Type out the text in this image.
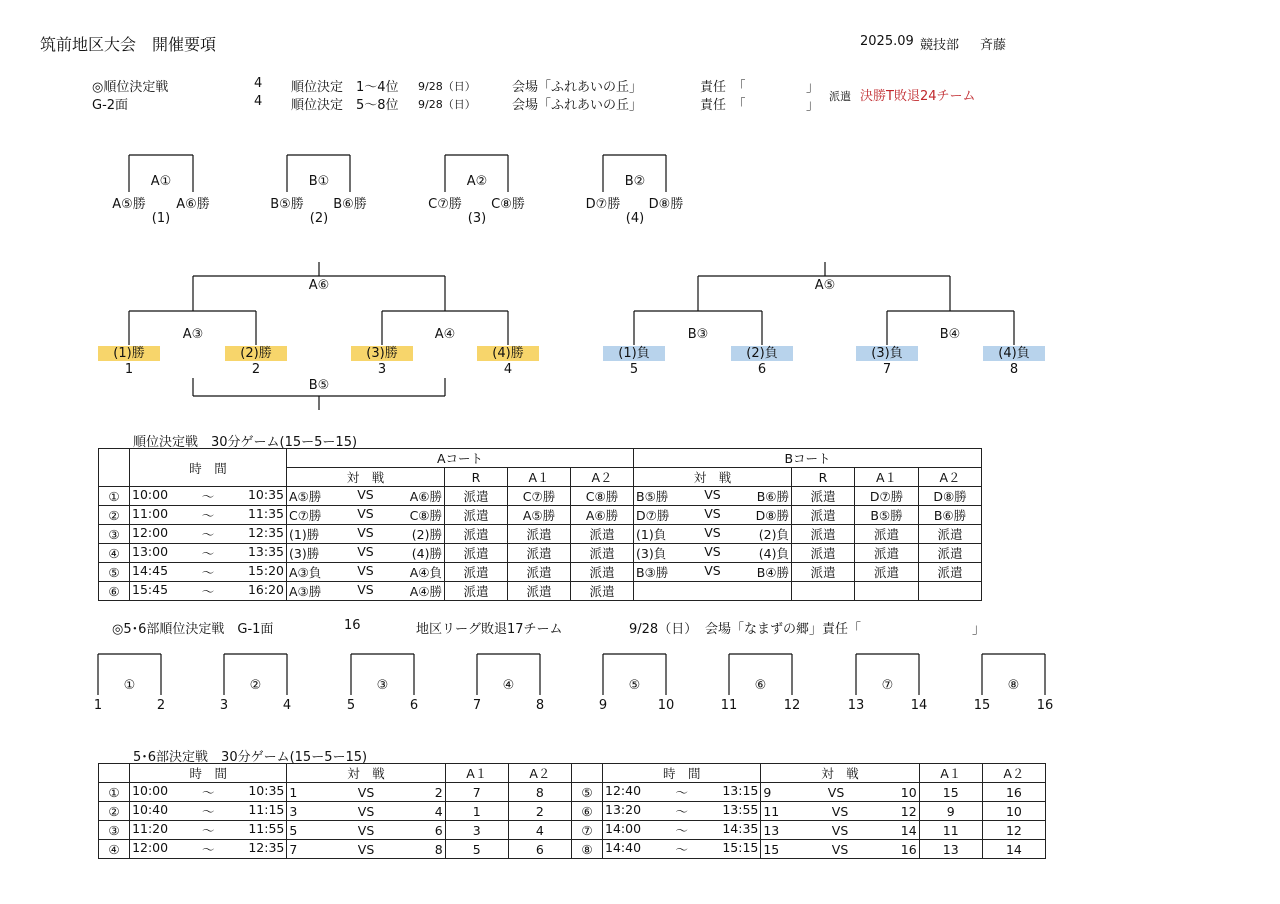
筑前地区大会　開催要項	2025.09 競技部 斉藤
◎順位決定戦	4 順位決定　1～4位 9/28（日）	会場「ふれあいの丘」	責任　「	」
G-2面	4 順位決定　5～8位 9/28（日）	会場「ふれあいの丘」	責任　「	」
派遣 決勝T敗退24チーム
A①
A⑤勝 A⑥勝
(1)
B①
B⑤勝 B⑥勝
(2)
A②
C⑦勝 C⑧勝
(3)
B②
D⑦勝 D⑧勝
(4)
A⑥
A③	A④
(1)勝	(2)勝	(3)勝	(4)勝
1	2	3	4
B⑤
A⑤
B③	B④
(1)負	(2)負	(3)負	(4)負
5	6	7	8
順位決定戦　30分ゲーム(15ー5ー15)
	時　間	Aコート				Bコート			
		対　戦	R	A１	A２	対　戦	R	A１	A２
①	10:00 ～ 10:35	A⑤勝 VS A⑥勝	派遣	C⑦勝	C⑧勝	B⑤勝 VS B⑥勝	派遣	D⑦勝	D⑧勝
②	11:00 ～ 11:35	C⑦勝 VS C⑧勝	派遣	A⑤勝	A⑥勝	D⑦勝 VS D⑧勝	派遣	B⑤勝	B⑥勝
③	12:00 ～ 12:35	(1)勝 VS (2)勝	派遣	派遣	派遣	(1)負 VS (2)負	派遣	派遣	派遣
④	13:00 ～ 13:35	(3)勝 VS (4)勝	派遣	派遣	派遣	(3)負 VS (4)負	派遣	派遣	派遣
⑤	14:45 ～ 15:20	A③負 VS A④負	派遣	派遣	派遣	B③勝 VS B④勝	派遣	派遣	派遣
⑥	15:45 ～ 16:20	A③勝 VS A④勝	派遣	派遣	派遣				
◎5･6部順位決定戦　G-1面	16	地区リーグ敗退17チーム	9/28（日） 会場「なまずの郷」責任「	」
①
1	2
②
3	4
③
5	6
④
7	8
⑤
9	10
⑥
11	12
⑦
13	14
⑧
15	16
5･6部決定戦　30分ゲーム(15ー5ー15)
	時　間	対　戦	A１	A２		時　間	対　戦	A１	A２
①	10:00 ～ 10:35	1 VS 2	7	8	⑤	12:40 ～ 13:15	9 VS 10	15	16
②	10:40 ～ 11:15	3 VS 4	1	2	⑥	13:20 ～ 13:55	11 VS 12	9	10
③	11:20 ～ 11:55	5 VS 6	3	4	⑦	14:00 ～ 14:35	13 VS 14	11	12
④	12:00 ～ 12:35	7 VS 8	5	6	⑧	14:40 ～ 15:15	15 VS 16	13	14
